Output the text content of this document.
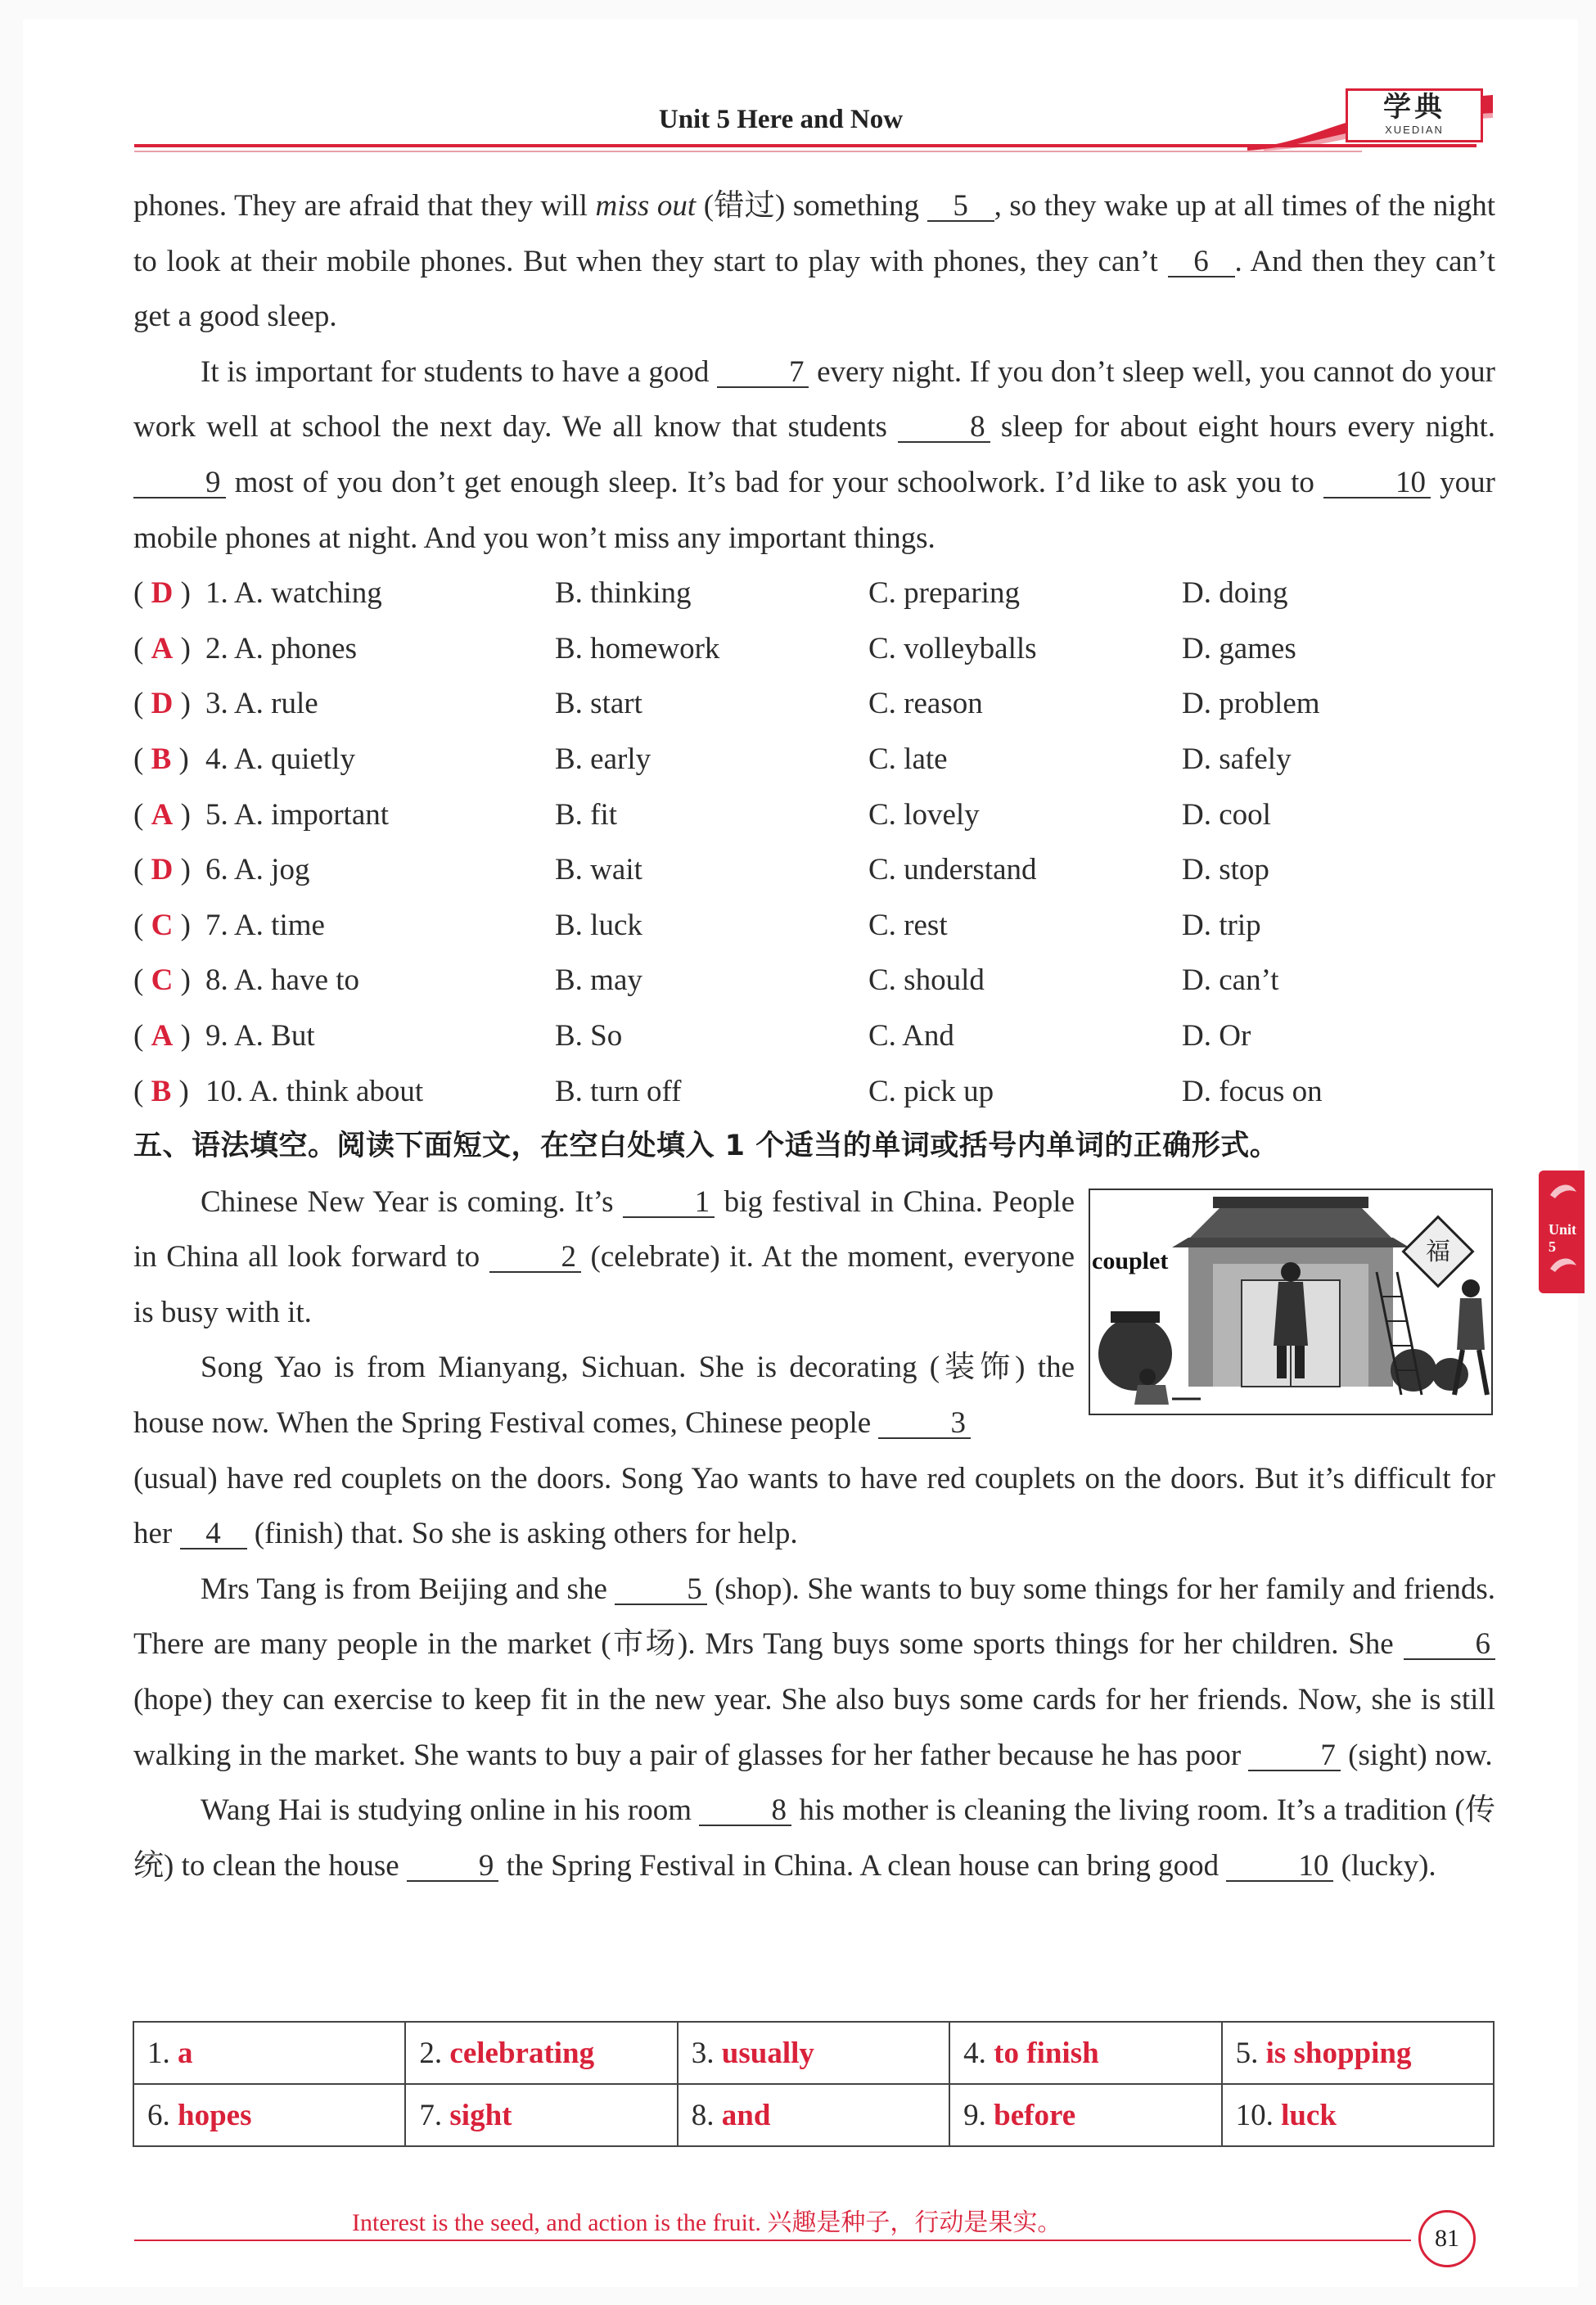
Unit 5 Here and Now	学典
XUEDIAN

phones. They are afraid that they will miss out (错过) something 5 , so they wake up at all times of the night to look at their mobile phones. But when they start to play with phones, they can’t 6 . And then they can’t get a good sleep.

It is important for students to have a good 7 every night. If you don’t sleep well, you cannot do your work well at school the next day. We all know that students 8 sleep for about eight hours every night. 9 most of you don’t get enough sleep. It’s bad for your schoolwork. I’d like to ask you to 10 your mobile phones at night. And you won’t miss any important things.

( D ) 1. A. watching	B. thinking	C. preparing	D. doing
( A ) 2. A. phones	B. homework	C. volleyballs	D. games
( D ) 3. A. rule	B. start	C. reason	D. problem
( B ) 4. A. quietly	B. early	C. late	D. safely
( A ) 5. A. important	B. fit	C. lovely	D. cool
( D ) 6. A. jog	B. wait	C. understand	D. stop
( C ) 7. A. time	B. luck	C. rest	D. trip
( C ) 8. A. have to	B. may	C. should	D. can’t
( A ) 9. A. But	B. So	C. And	D. Or
( B ) 10. A. think about	B. turn off	C. pick up	D. focus on
五、语法填空。阅读下面短文，在空白处填入 1 个适当的单词或括号内单词的正确形式。

Chinese New Year is coming. It’s 1 big festival in China. People in China all look forward to 2 (celebrate) it. At the moment, everyone is busy with it.

Song Yao is from Mianyang, Sichuan. She is decorating (装饰) the house now. When the Spring Festival comes, Chinese people 3

(usual) have red couplets on the doors. Song Yao wants to have red couplets on the doors. But it’s difficult for her 4 (finish) that. So she is asking others for help.

Mrs Tang is from Beijing and she 5 (shop). She wants to buy some things for her family and friends. There are many people in the market (市场). Mrs Tang buys some sports things for her children. She 6 (hope) they can exercise to keep fit in the new year. She also buys some cards for her friends. Now, she is still walking in the market. She wants to buy a pair of glasses for her father because he has poor 7 (sight) now.

Wang Hai is studying online in his room 8 his mother is cleaning the living room. It’s a tradition (传统) to clean the house 9 the Spring Festival in China. A clean house can bring good 10 (lucky).

福
couplet
1. a	2. celebrating	3. usually	4. to finish	5. is shopping
6. hopes	7. sight	8. and	9. before	10. luck
Unit 5
Interest is the seed, and action is the fruit. 兴趣是种子，行动是果实。
81
